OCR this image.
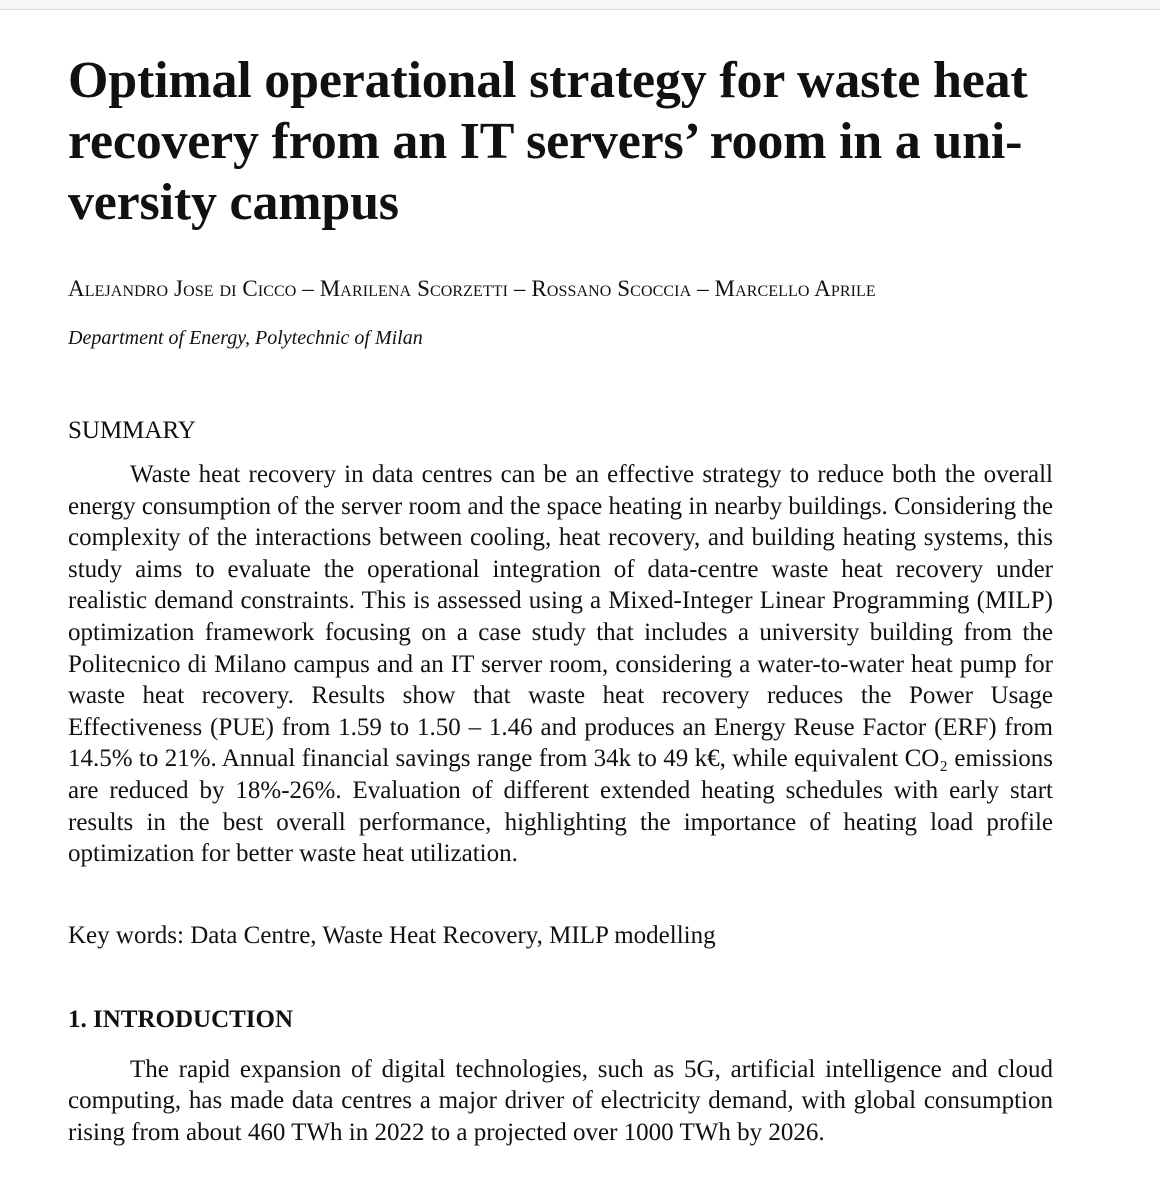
Optimal operational strategy for waste heat recovery from an IT servers’ room in a university campus
Alejandro Jose di Cicco – Marilena Scorzetti – Rossano Scoccia – Marcello Aprile
Department of Energy, Polytechnic of Milan
SUMMARY

Waste heat recovery in data centres can be an effective strategy to reduce both the overall energy consumption of the server room and the space heating in nearby buildings. Considering the complexity of the interactions between cooling, heat recovery, and building heating systems, this study aims to evaluate the operational integration of data-centre waste heat recovery under realistic demand constraints. This is assessed using a Mixed-Integer Linear Programming (MILP) optimization framework focusing on a case study that includes a university building from the Politecnico di Milano campus and an IT server room, considering a water-to-water heat pump for waste heat recovery. Results show that waste heat recovery reduces the Power Usage Effectiveness (PUE) from 1.59 to 1.50 – 1.46 and produces an Energy Reuse Factor (ERF) from 14.5% to 21%. Annual financial savings range from 34k to 49 k€, while equivalent CO₂ emissions are reduced by 18%-26%. Evaluation of different extended heating schedules with early start results in the best overall performance, highlighting the importance of heating load profile optimization for better waste heat utilization.

Key words: Data Centre, Waste Heat Recovery, MILP modelling
1. INTRODUCTION

The rapid expansion of digital technologies, such as 5G, artificial intelligence and cloud computing, has made data centres a major driver of electricity demand, with global consumption rising from about 460 TWh in 2022 to a projected over 1000 TWh by 2026.
